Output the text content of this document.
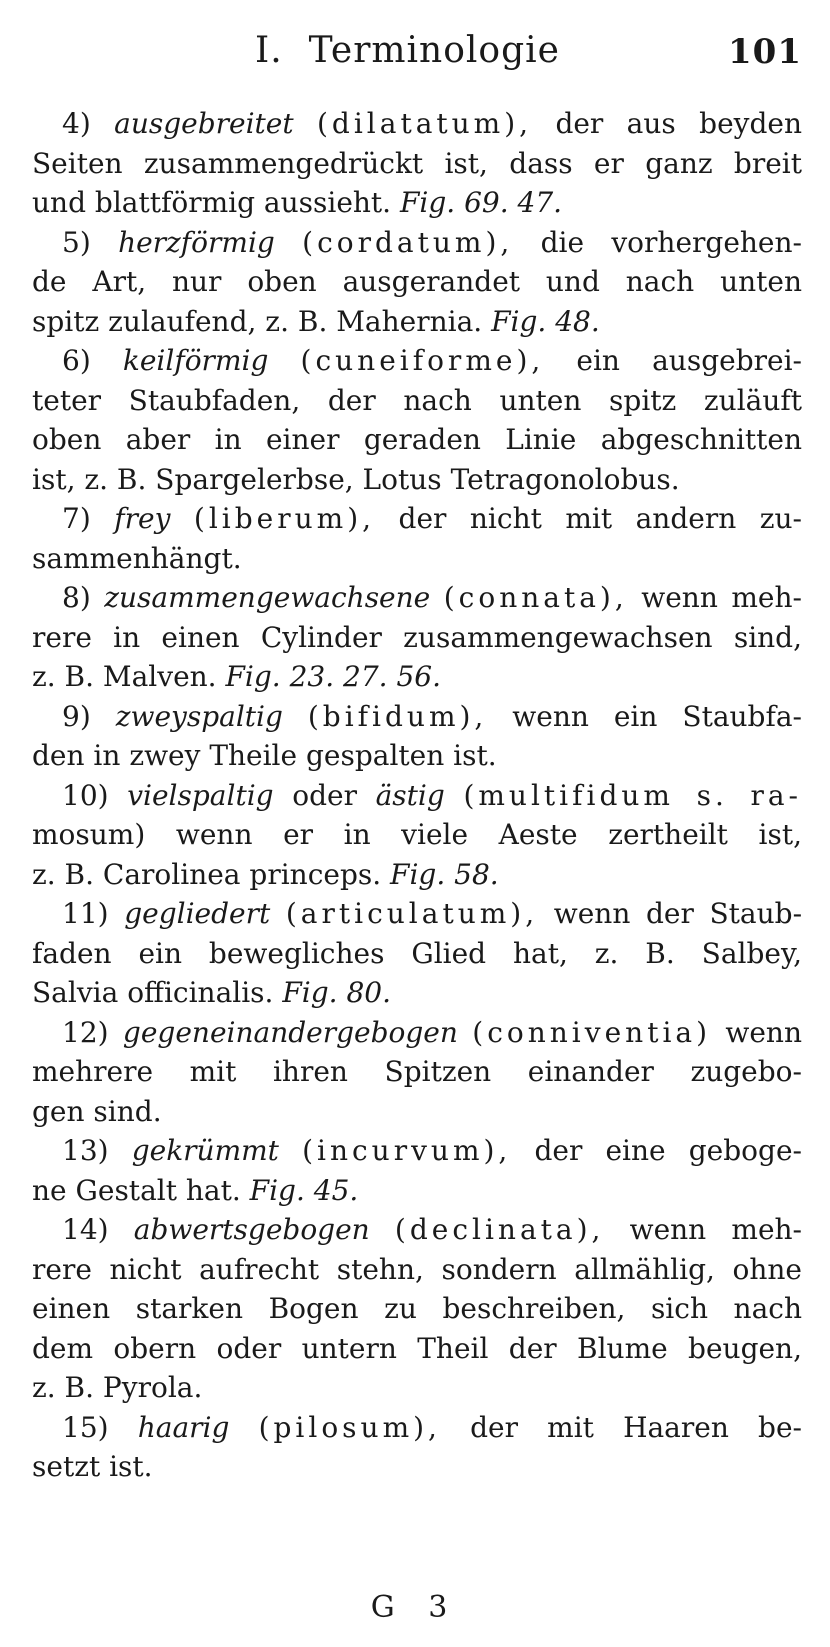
I. Terminologie	101

4) ausgebreitet (dilatatum), der aus beyden
Seiten zusammengedrückt ist, dass er ganz breit
und blattförmig aussieht. Fig. 69. 47.

5) herzförmig (cordatum), die vorhergehen-
de Art, nur oben ausgerandet und nach unten
spitz zulaufend, z. B. Mahernia. Fig. 48.

6) keilförmig (cuneiforme), ein ausgebrei-
teter Staubfaden, der nach unten spitz zuläuft
oben aber in einer geraden Linie abgeschnitten
ist, z. B. Spargelerbse, Lotus Tetragonolobus.

7) frey (liberum), der nicht mit andern zu-
sammenhängt.

8) zusammengewachsene (connata), wenn meh-
rere in einen Cylinder zusammengewachsen sind,
z. B. Malven. Fig. 23. 27. 56.

9) zweyspaltig (bifidum), wenn ein Staubfa-
den in zwey Theile gespalten ist.

10) vielspaltig oder ästig (multifidum s. ra-
mosum) wenn er in viele Aeste zertheilt ist,
z. B. Carolinea princeps. Fig. 58.

11) gegliedert (articulatum), wenn der Staub-
faden ein bewegliches Glied hat, z. B. Salbey,
Salvia officinalis. Fig. 80.

12) gegeneinandergebogen (conniventia) wenn
mehrere mit ihren Spitzen einander zugebo-
gen sind.

13) gekrümmt (incurvum), der eine geboge-
ne Gestalt hat. Fig. 45.

14) abwertsgebogen (declinata), wenn meh-
rere nicht aufrecht stehn, sondern allmählig, ohne
einen starken Bogen zu beschreiben, sich nach
dem obern oder untern Theil der Blume beugen,
z. B. Pyrola.

15) haarig (pilosum), der mit Haaren be-
setzt ist.

G 3
